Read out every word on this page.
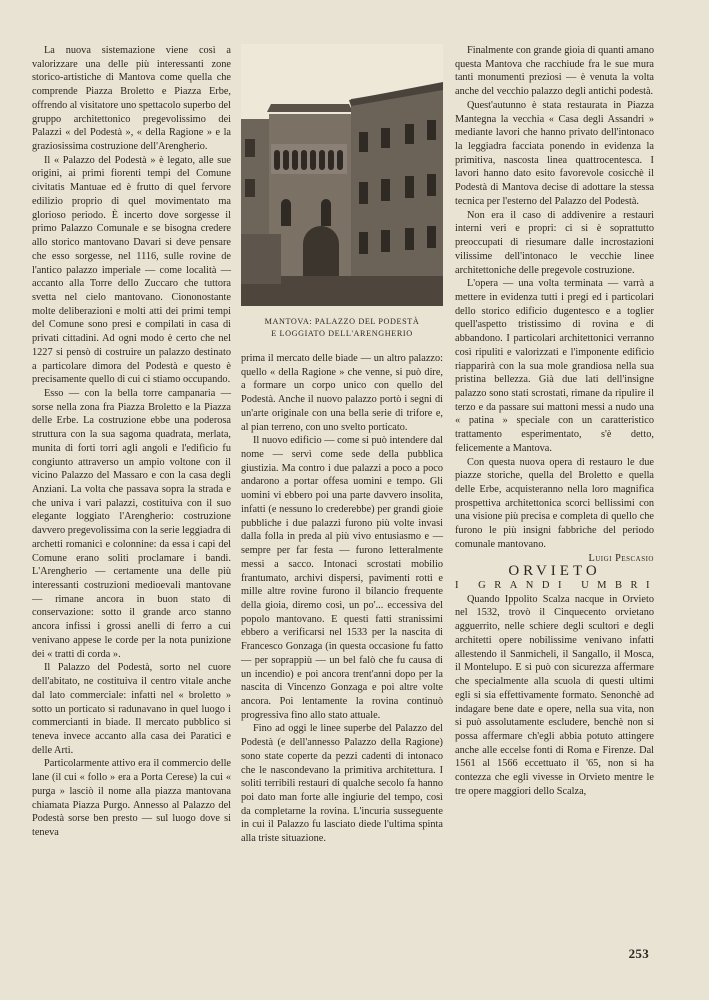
La nuova sistemazione viene così a valorizzare una delle più interessanti zone storico-artistiche di Mantova come quella che comprende Piazza Broletto e Piazza Erbe, offrendo al visitatore uno spettacolo superbo del gruppo architettonico pregevolissimo dei Palazzi « del Podestà », « della Ragione » e la graziosissima costruzione dell'Arengherio.

Il « Palazzo del Podestà » è legato, alle sue origini, ai primi fiorenti tempi del Comune civitatis Mantuae ed è frutto di quel fervore edilizio proprio di quel movimentato ma glorioso periodo. È incerto dove sorgesse il primo Palazzo Comunale e se bisogna credere allo storico mantovano Davari si deve pensare che esso sorgesse, nel 1116, sulle rovine de l'antico palazzo imperiale — come località — accanto alla Torre dello Zuccaro che tuttora svetta nel cielo mantovano. Ciononostante molte deliberazioni e molti atti dei primi tempi del Comune sono presi e compilati in casa di privati cittadini. Ad ogni modo è certo che nel 1227 si pensò di costruire un palazzo destinato a particolare dimora del Podestà e questo è precisamente quello di cui ci stiamo occupando.

Esso — con la bella torre campanaria — sorse nella zona fra Piazza Broletto e la Piazza delle Erbe. La costruzione ebbe una poderosa struttura con la sua sagoma quadrata, merlata, munita di forti torri agli angoli e l'edificio fu congiunto attraverso un ampio voltone con il vicino Palazzo del Massaro e con la casa degli Anziani. La volta che passava sopra la strada e che univa i vari palazzi, costituiva con il suo elegante loggiato l'Arengherio: costruzione davvero pregevolissima con la serie leggiadra di archetti romanici e colonnine: da essa i capi del Comune erano soliti proclamare i bandi. L'Arengherio — certamente una delle più interessanti costruzioni medioevali mantovane — rimane ancora in buon stato di conservazione: sotto il grande arco stanno ancora infissi i grossi anelli di ferro a cui venivano appese le corde per la nota punizione dei « tratti di corda ».

Il Palazzo del Podestà, sorto nel cuore dell'abitato, ne costituiva il centro vitale anche dal lato commerciale: infatti nel « broletto » sotto un porticato si radunavano in quel luogo i commercianti in biade. Il mercato pubblico si teneva invece accanto alla casa dei Paratici e delle Arti.

Particolarmente attivo era il commercio delle lane (il cui « follo » era a Porta Cerese) la cui « purga » lasciò il nome alla piazza mantovana chiamata Piazza Purgo. Annesso al Palazzo del Podestà sorse ben presto — sul luogo dove si teneva

MANTOVA: PALAZZO DEL PODESTÀ
E LOGGIATO DELL'ARENGHERIO

prima il mercato delle biade — un altro palazzo: quello « della Ragione » che venne, si può dire, a formare un corpo unico con quello del Podestà. Anche il nuovo palazzo portò i segni di un'arte originale con una bella serie di trifore e, al pian terreno, con uno svelto porticato.

Il nuovo edificio — come si può intendere dal nome — servì come sede della pubblica giustizia. Ma contro i due palazzi a poco a poco andarono a portar offesa uomini e tempo. Gli uomini vi ebbero poi una parte davvero insolita, infatti (e nessuno lo crederebbe) per grandi gioie pubbliche i due palazzi furono più volte invasi dalla folla in preda al più vivo entusiasmo e — sempre per far festa — furono letteralmente messi a sacco. Intonaci scrostati mobilio frantumato, archivi dispersi, pavimenti rotti e mille altre rovine furono il bilancio frequente della gioia, diremo così, un po'... eccessiva del popolo mantovano. E questi fatti stranissimi ebbero a verificarsi nel 1533 per la nascita di Francesco Gonzaga (in questa occasione fu fatto — per soprappiù — un bel falò che fu causa di un incendio) e poi ancora trent'anni dopo per la nascita di Vincenzo Gonzaga e poi altre volte ancora. Poi lentamente la rovina continuò progressiva fino allo stato attuale.

Fino ad oggi le linee superbe del Palazzo del Podestà (e dell'annesso Palazzo della Ragione) sono state coperte da pezzi cadenti di intonaco che le nascondevano la primitiva architettura. I soliti terribili restauri di qualche secolo fa hanno poi dato man forte alle ingiurie del tempo, così da completarne la rovina. L'incuria susseguente in cui il Palazzo fu lasciato diede l'ultima spinta alla triste situazione.

Finalmente con grande gioia di quanti amano questa Mantova che racchiude fra le sue mura tanti monumenti preziosi — è venuta la volta anche del vecchio palazzo degli antichi podestà.

Quest'autunno è stata restaurata in Piazza Mantegna la vecchia « Casa degli Assandri » mediante lavori che hanno privato dell'intonaco la leggiadra facciata ponendo in evidenza la primitiva, nascosta linea quattrocentesca. I lavori hanno dato esito favorevole cosicchè il Podestà di Mantova decise di adottare la stessa tecnica per l'esterno del Palazzo del Podestà.

Non era il caso di addivenire a restauri interni veri e propri: ci si è soprattutto preoccupati di riesumare dalle incrostazioni vilissime dell'intonaco le vecchie linee architettoniche delle pregevole costruzione.

L'opera — una volta terminata — varrà a mettere in evidenza tutti i pregi ed i particolari dello storico edificio dugentesco e a toglier quell'aspetto tristissimo di rovina e di abbandono. I particolari architettonici verranno così ripuliti e valorizzati e l'imponente edificio riapparirà con la sua mole grandiosa nella sua pristina bellezza. Già due lati dell'insigne palazzo sono stati scrostati, rimane da ripulire il terzo e da passare sui mattoni messi a nudo una « patina » speciale con un caratteristico trattamento esperimentato, s'è detto, felicemente a Mantova.

Con questa nuova opera di restauro le due piazze storiche, quella del Broletto e quella delle Erbe, acquisteranno nella loro magnifica prospettiva architettonica scorci bellissimi con una visione più precisa e completa di quello che furono le più insigni fabbriche del periodo comunale mantovano.

Luigi Pescasio

ORVIETO

I GRANDI UMBRI

Quando Ippolito Scalza nacque in Orvieto nel 1532, trovò il Cinquecento orvietano agguerrito, nelle schiere degli scultori e degli architetti opere nobilissime venivano infatti allestendo il Sanmicheli, il Sangallo, il Mosca, il Montelupo. E si può con sicurezza affermare che specialmente alla scuola di questi ultimi egli si sia effettivamente formato. Senonchè ad indagare bene date e opere, nella sua vita, non si può assolutamente escludere, benchè non si possa affermare ch'egli abbia potuto attingere anche alle eccelse fonti di Roma e Firenze. Dal 1561 al 1566 eccettuato il '65, non si ha contezza che egli vivesse in Orvieto mentre le tre opere maggiori dello Scalza,

253
